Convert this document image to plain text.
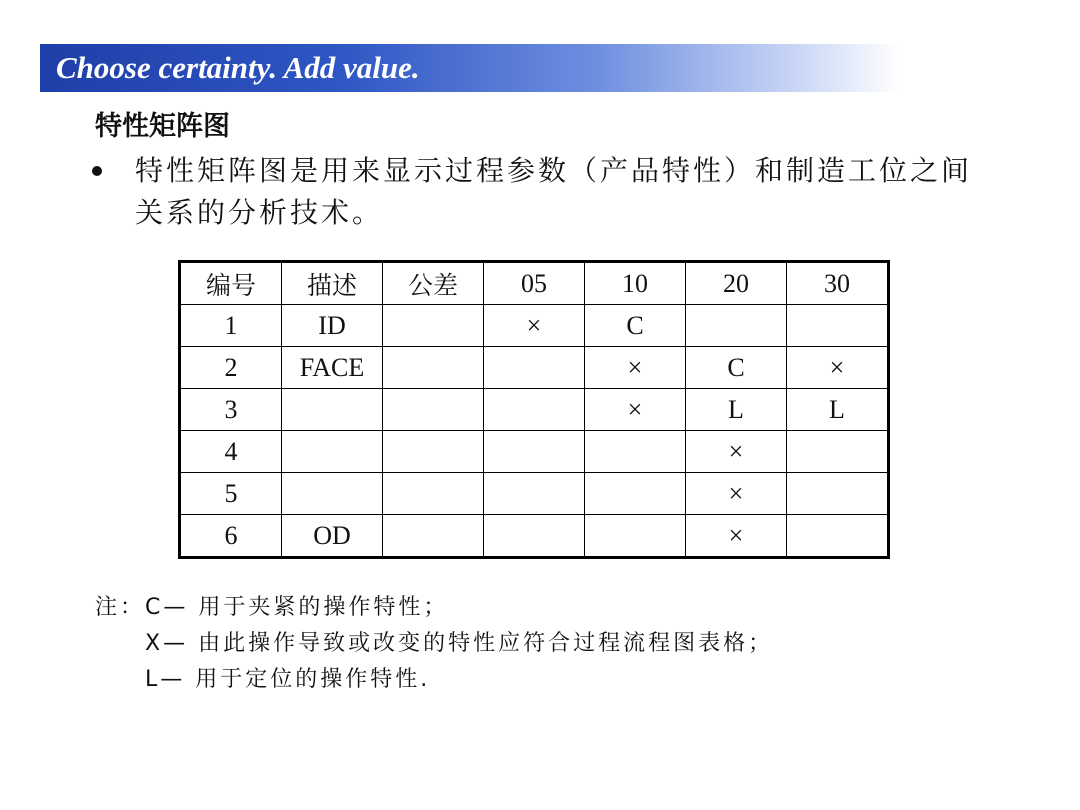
Choose certainty. Add value.
特性矩阵图
特性矩阵图是用来显示过程参数（产品特性）和制造工位之间关系的分析技术。
编号	描述	公差	05	10	20	30
1	ID		×	C		
2	FACE			×	C	×
3				×	L	L
4					×	
5					×	
6	OD				×	
注：C— 用于夹紧的操作特性；
X— 由此操作导致或改变的特性应符合过程流程图表格；
L— 用于定位的操作特性.
